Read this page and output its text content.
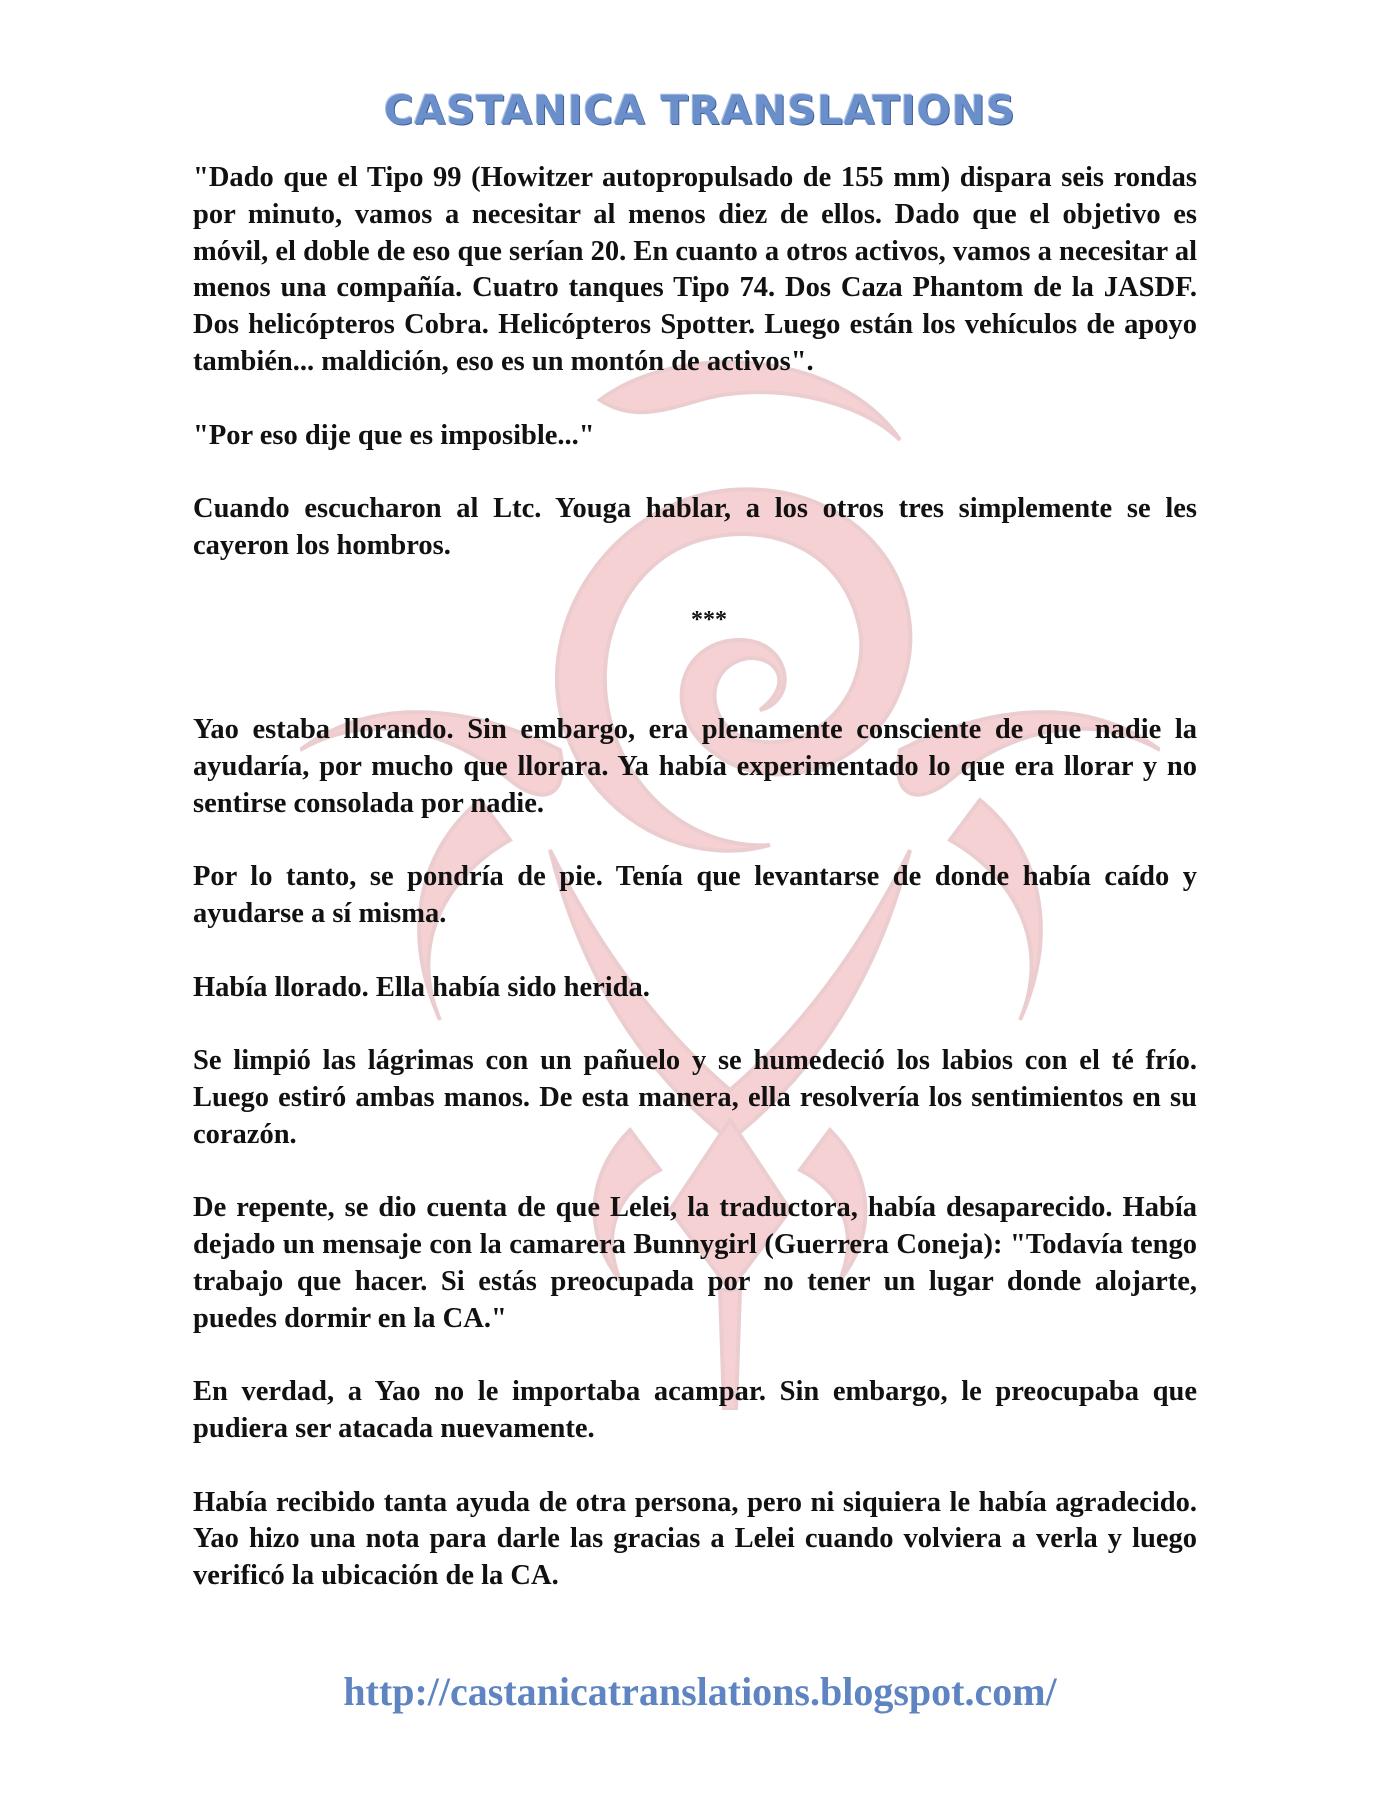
CASTANICA TRANSLATIONS

"Dado que el Tipo 99 (Howitzer autopropulsado de 155 mm) dispara seis rondas por minuto, vamos a necesitar al menos diez de ellos. Dado que el objetivo es móvil, el doble de eso que serían 20. En cuanto a otros activos, vamos a necesitar al menos una compañía. Cuatro tanques Tipo 74. Dos Caza Phantom de la JASDF. Dos helicópteros Cobra. Helicópteros Spotter. Luego están los vehículos de apoyo también... maldición, eso es un montón de activos".

"Por eso dije que es imposible..."

Cuando escucharon al Ltc. Youga hablar, a los otros tres simplemente se les cayeron los hombros.

***

Yao estaba llorando. Sin embargo, era plenamente consciente de que nadie la ayudaría, por mucho que llorara. Ya había experimentado lo que era llorar y no sentirse consolada por nadie.

Por lo tanto, se pondría de pie. Tenía que levantarse de donde había caído y ayudarse a sí misma.

Había llorado. Ella había sido herida.

Se limpió las lágrimas con un pañuelo y se humedeció los labios con el té frío. Luego estiró ambas manos. De esta manera, ella resolvería los sentimientos en su corazón.

De repente, se dio cuenta de que Lelei, la traductora, había desaparecido. Había dejado un mensaje con la camarera Bunnygirl (Guerrera Coneja): "Todavía tengo trabajo que hacer. Si estás preocupada por no tener un lugar donde alojarte, puedes dormir en la CA."

En verdad, a Yao no le importaba acampar. Sin embargo, le preocupaba que pudiera ser atacada nuevamente.

Había recibido tanta ayuda de otra persona, pero ni siquiera le había agradecido. Yao hizo una nota para darle las gracias a Lelei cuando volviera a verla y luego verificó la ubicación de la CA.

http://castanicatranslations.blogspot.com/
